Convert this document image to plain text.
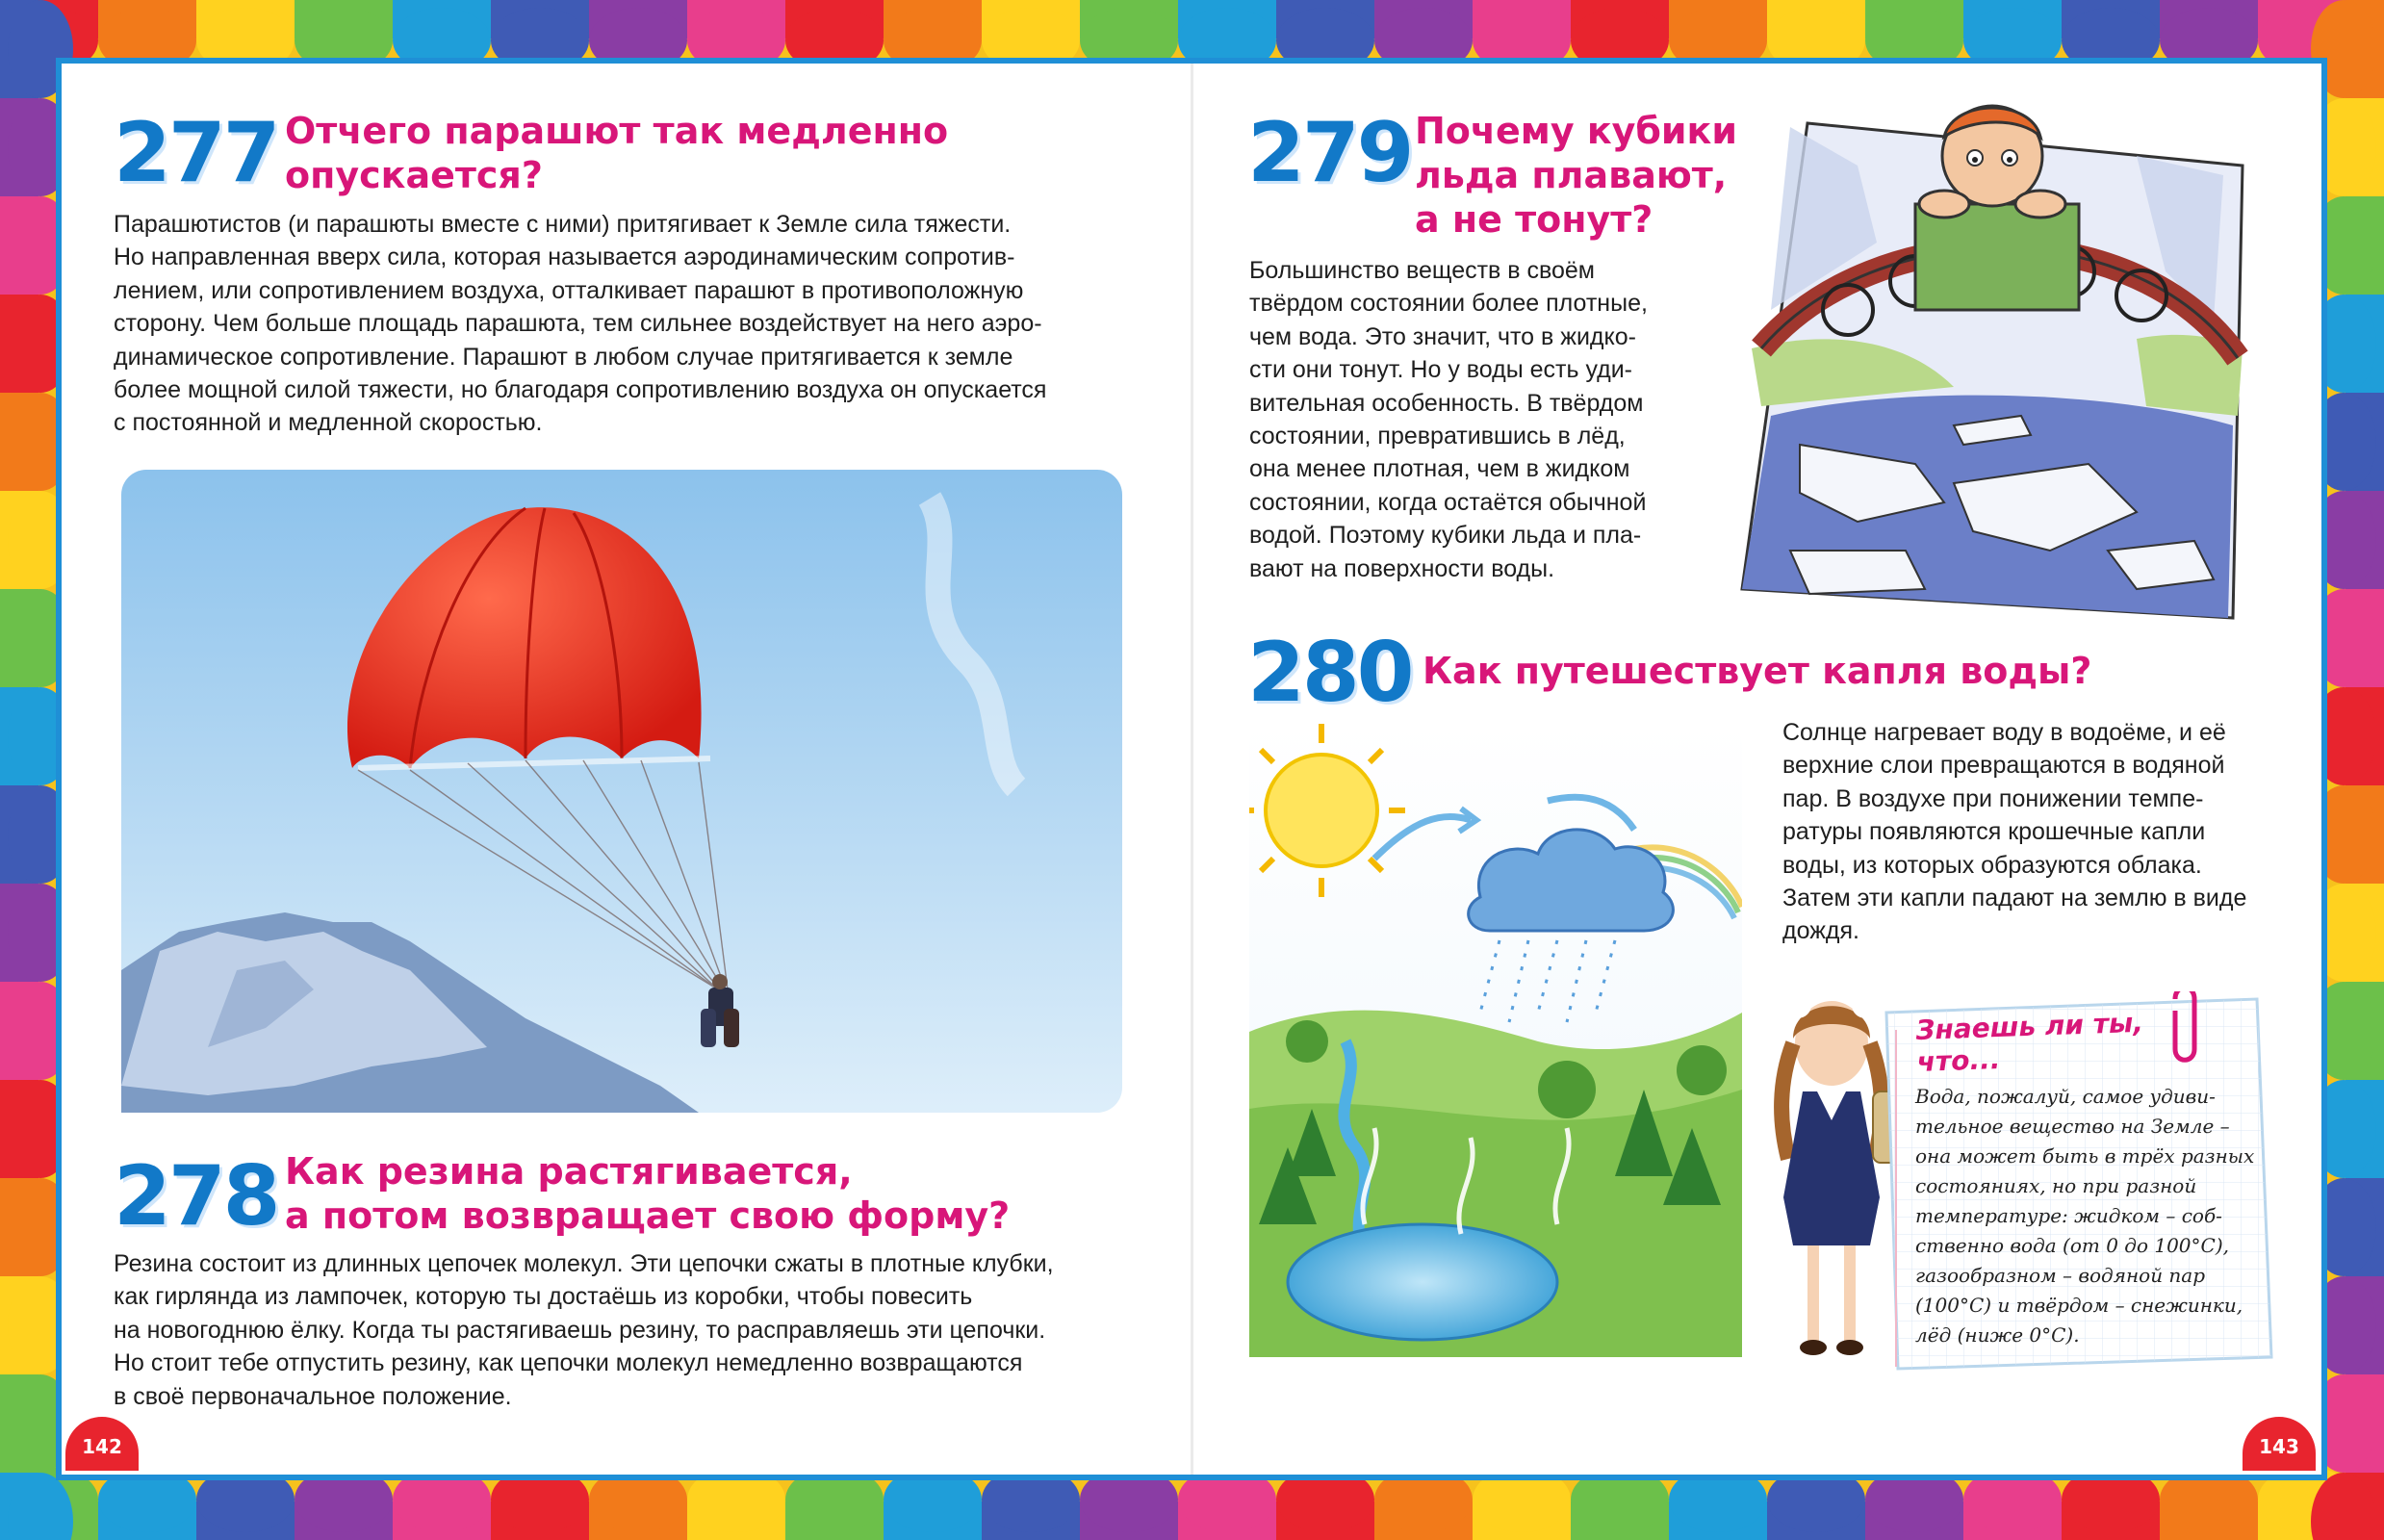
277 Отчего парашют так медленно
опускается?
Парашютистов (и парашюты вместе с ними) притягивает к Земле сила тяжести.
Но направленная вверх сила, которая называется аэродинамическим сопротив-
лением, или сопротивлением воздуха, отталкивает парашют в противоположную
сторону. Чем больше площадь парашюта, тем сильнее воздействует на него аэро-
динамическое сопротивление. Парашют в любом случае притягивается к земле
более мощной силой тяжести, но благодаря сопротивлению воздуха он опускается
с постоянной и медленной скоростью.
278 Как резина растягивается,
а потом возвращает свою форму?
Резина состоит из длинных цепочек молекул. Эти цепочки сжаты в плотные клубки,
как гирлянда из лампочек, которую ты достаёшь из коробки, чтобы повесить
на новогоднюю ёлку. Когда ты растягиваешь резину, то расправляешь эти цепочки.
Но стоит тебе отпустить резину, как цепочки молекул немедленно возвращаются
в своё первоначальное положение.
142
279 Почему кубики
льда плавают,
а не тонут?
Большинство веществ в своём
твёрдом состоянии более плотные,
чем вода. Это значит, что в жидко-
сти они тонут. Но у воды есть уди-
вительная особенность. В твёрдом
состоянии, превратившись в лёд,
она менее плотная, чем в жидком
состоянии, когда остаётся обычной
водой. Поэтому кубики льда и пла-
вают на поверхности воды.
280 Как путешествует капля воды?
Солнце нагревает воду в водоёме, и её
верхние слои превращаются в водяной
пар. В воздухе при понижении темпе-
ратуры появляются крошечные капли
воды, из которых образуются облака.
Затем эти капли падают на землю в виде
дождя.
Знаешь ли ты,
что...
Вода, пожалуй, самое удиви-
тельное вещество на Земле –
она может быть в трёх разных
состояниях, но при разной
температуре: жидком – соб-
ственно вода (от 0 до 100°С),
газообразном – водяной пар
(100°С) и твёрдом – снежинки,
лёд (ниже 0°С).
143
